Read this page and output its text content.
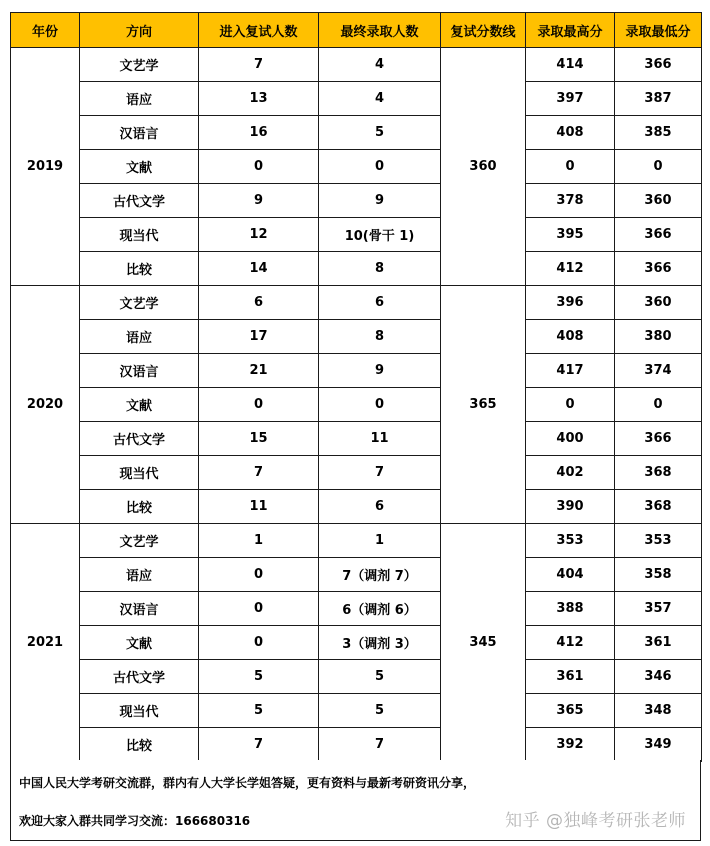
年份	方向	进入复试人数	最终录取人数	复试分数线	录取最高分	录取最低分
2019	文艺学	7	4	360	414	366
	语应	13	4		397	387
	汉语言	16	5		408	385
	文献	0	0		0	0
	古代文学	9	9		378	360
	现当代	12	10(骨干 1)		395	366
	比较	14	8		412	366
2020	文艺学	6	6	365	396	360
	语应	17	8		408	380
	汉语言	21	9		417	374
	文献	0	0		0	0
	古代文学	15	11		400	366
	现当代	7	7		402	368
	比较	11	6		390	368
2021	文艺学	1	1	345	353	353
	语应	0	7（调剂 7）		404	358
	汉语言	0	6（调剂 6）		388	357
	文献	0	3（调剂 3）		412	361
	古代文学	5	5		361	346
	现当代	5	5		365	348
	比较	7	7		392	349
中国人民大学考研交流群，群内有人大学长学姐答疑，更有资料与最新考研资讯分享，
欢迎大家入群共同学习交流：166680316	知乎 @独峰考研张老师
